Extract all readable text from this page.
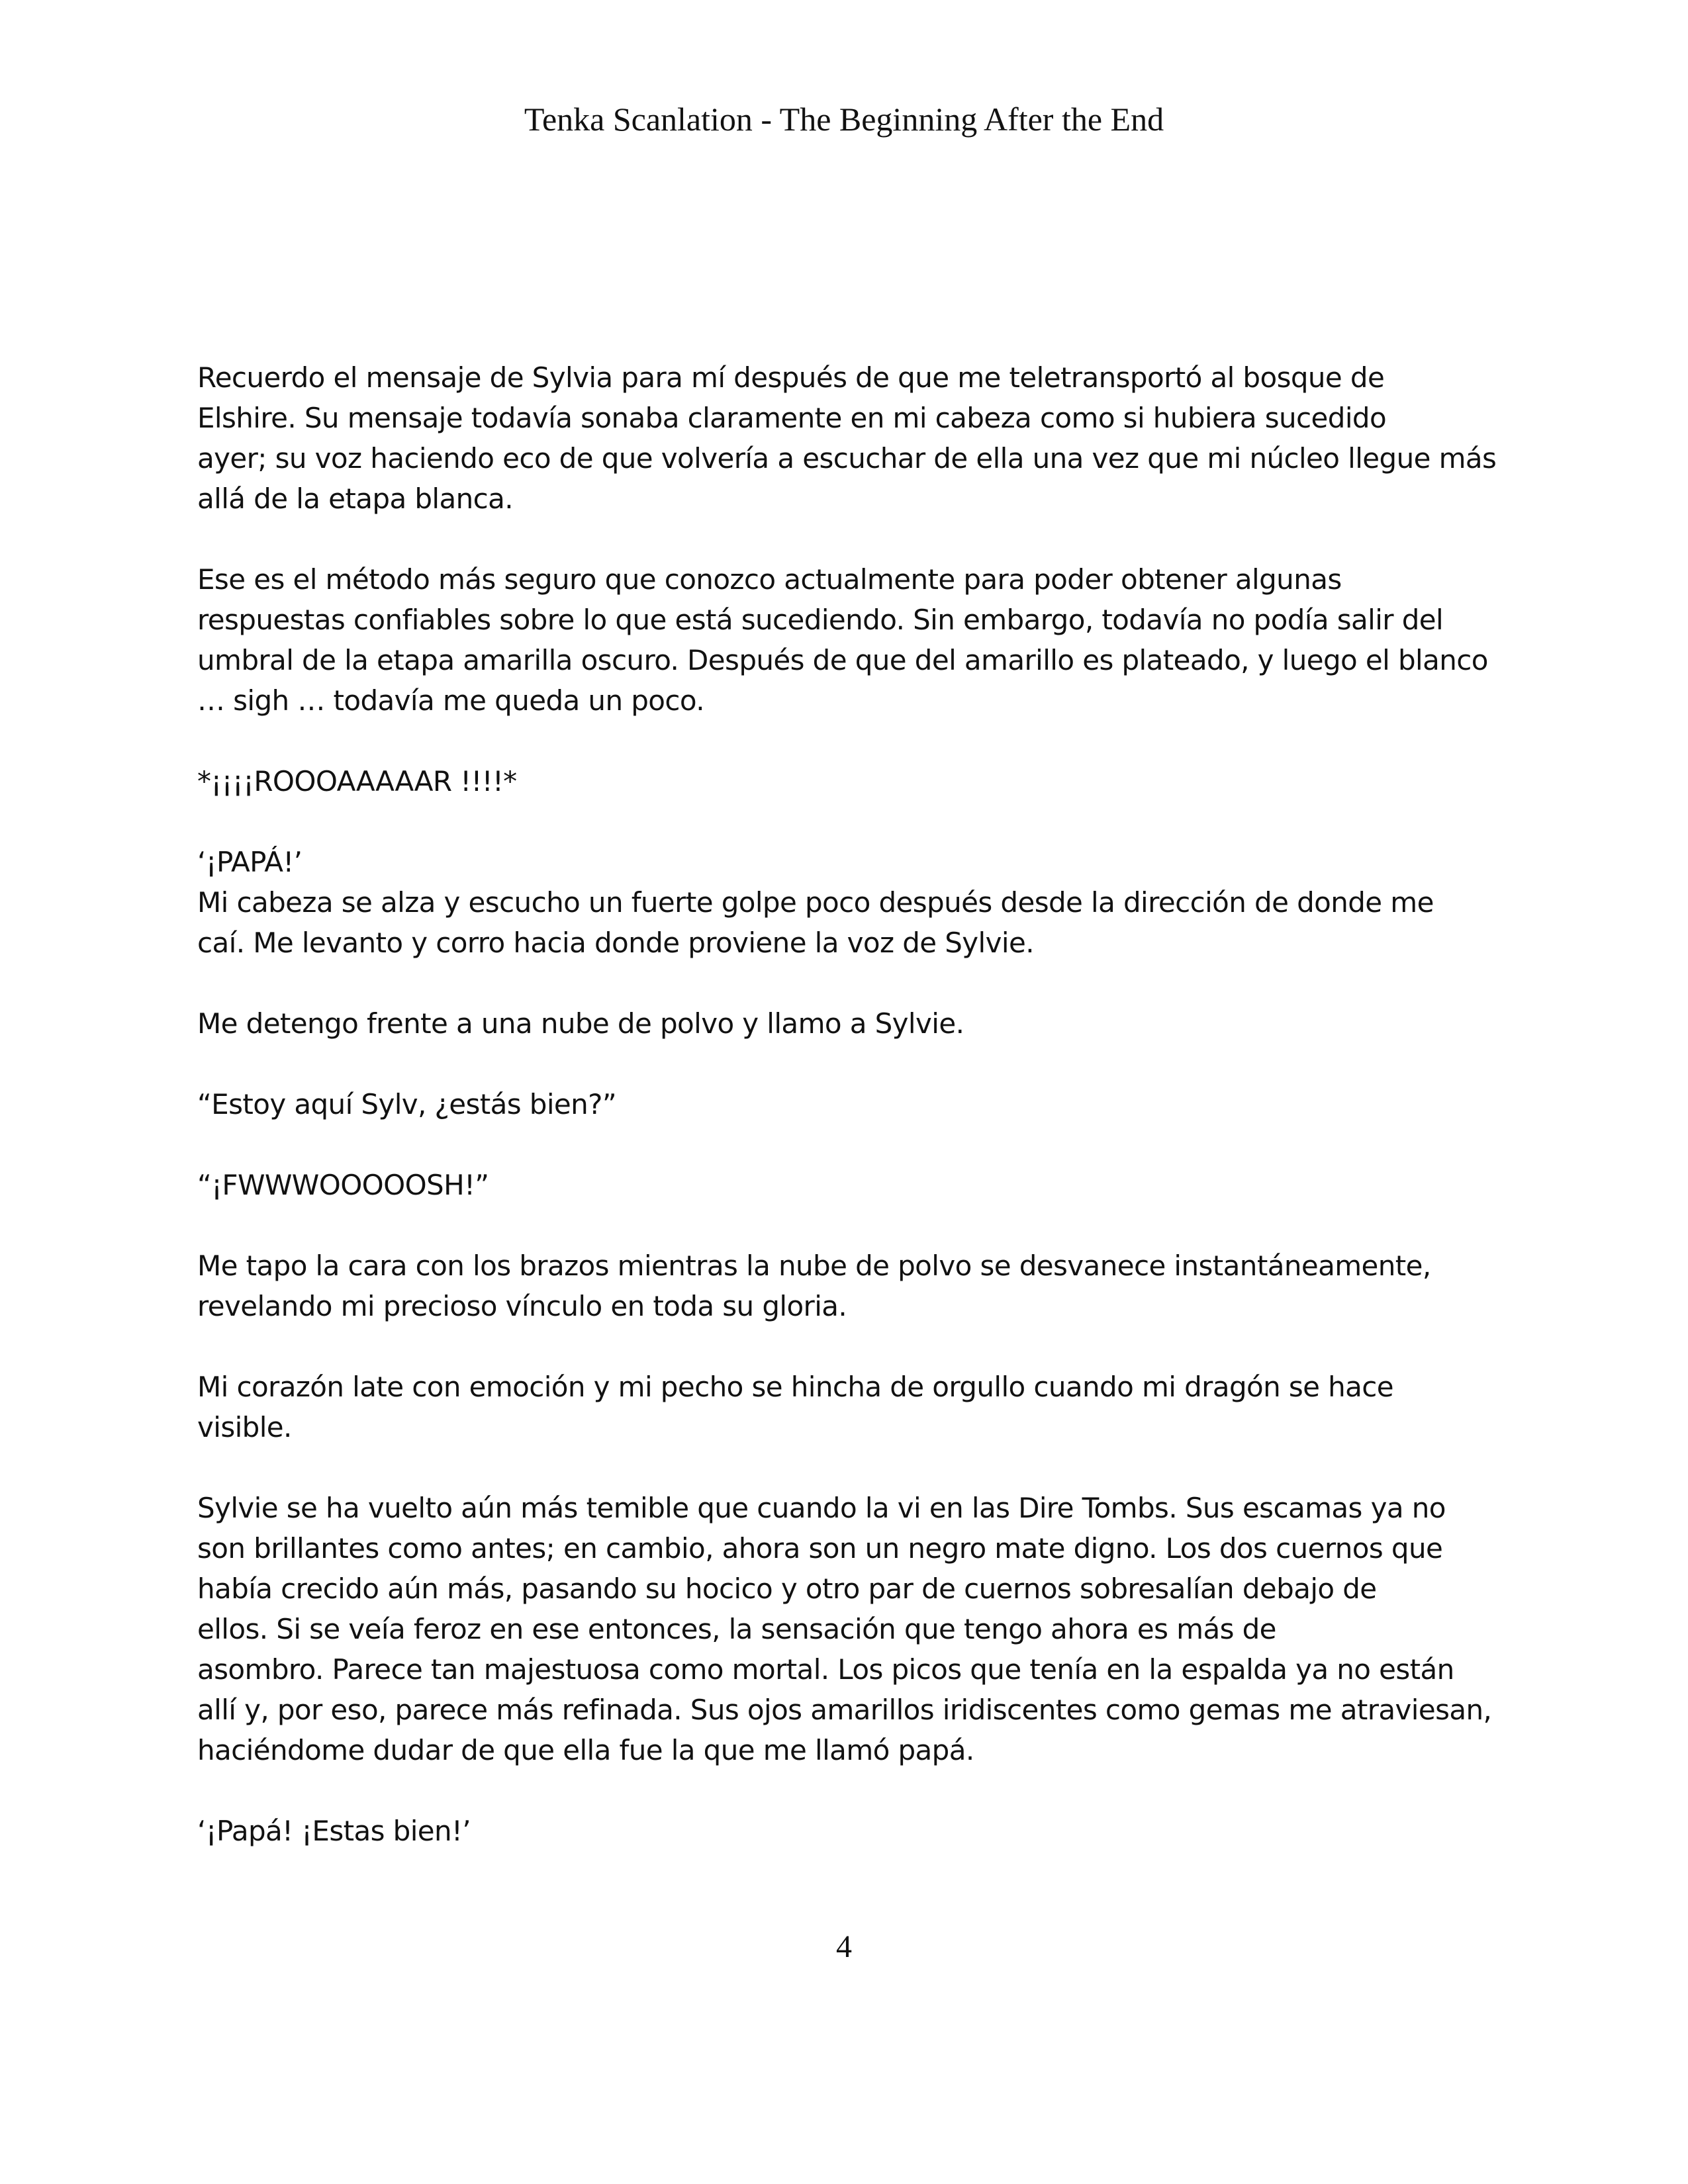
Tenka Scanlation - The Beginning After the End
Recuerdo el mensaje de Sylvia para mí después de que me teletransportó al bosque de
Elshire. Su mensaje todavía sonaba claramente en mi cabeza como si hubiera sucedido
ayer; su voz haciendo eco de que volvería a escuchar de ella una vez que mi núcleo llegue más
allá de la etapa blanca.
Ese es el método más seguro que conozco actualmente para poder obtener algunas
respuestas confiables sobre lo que está sucediendo. Sin embargo, todavía no podía salir del
umbral de la etapa amarilla oscuro. Después de que del amarillo es plateado, y luego el blanco
… sigh … todavía me queda un poco.
*¡¡¡¡ROOOAAAAAR !!!!*
‘¡PAPÁ!’
Mi cabeza se alza y escucho un fuerte golpe poco después desde la dirección de donde me
caí. Me levanto y corro hacia donde proviene la voz de Sylvie.
Me detengo frente a una nube de polvo y llamo a Sylvie.
“Estoy aquí Sylv, ¿estás bien?”
“¡FWWWOOOOOSH!”
Me tapo la cara con los brazos mientras la nube de polvo se desvanece instantáneamente,
revelando mi precioso vínculo en toda su gloria.
Mi corazón late con emoción y mi pecho se hincha de orgullo cuando mi dragón se hace
visible.
Sylvie se ha vuelto aún más temible que cuando la vi en las Dire Tombs. Sus escamas ya no
son brillantes como antes; en cambio, ahora son un negro mate digno. Los dos cuernos que
había crecido aún más, pasando su hocico y otro par de cuernos sobresalían debajo de
ellos. Si se veía feroz en ese entonces, la sensación que tengo ahora es más de
asombro. Parece tan majestuosa como mortal. Los picos que tenía en la espalda ya no están
allí y, por eso, parece más refinada. Sus ojos amarillos iridiscentes como gemas me atraviesan,
haciéndome dudar de que ella fue la que me llamó papá.
‘¡Papá! ¡Estas bien!’
4
